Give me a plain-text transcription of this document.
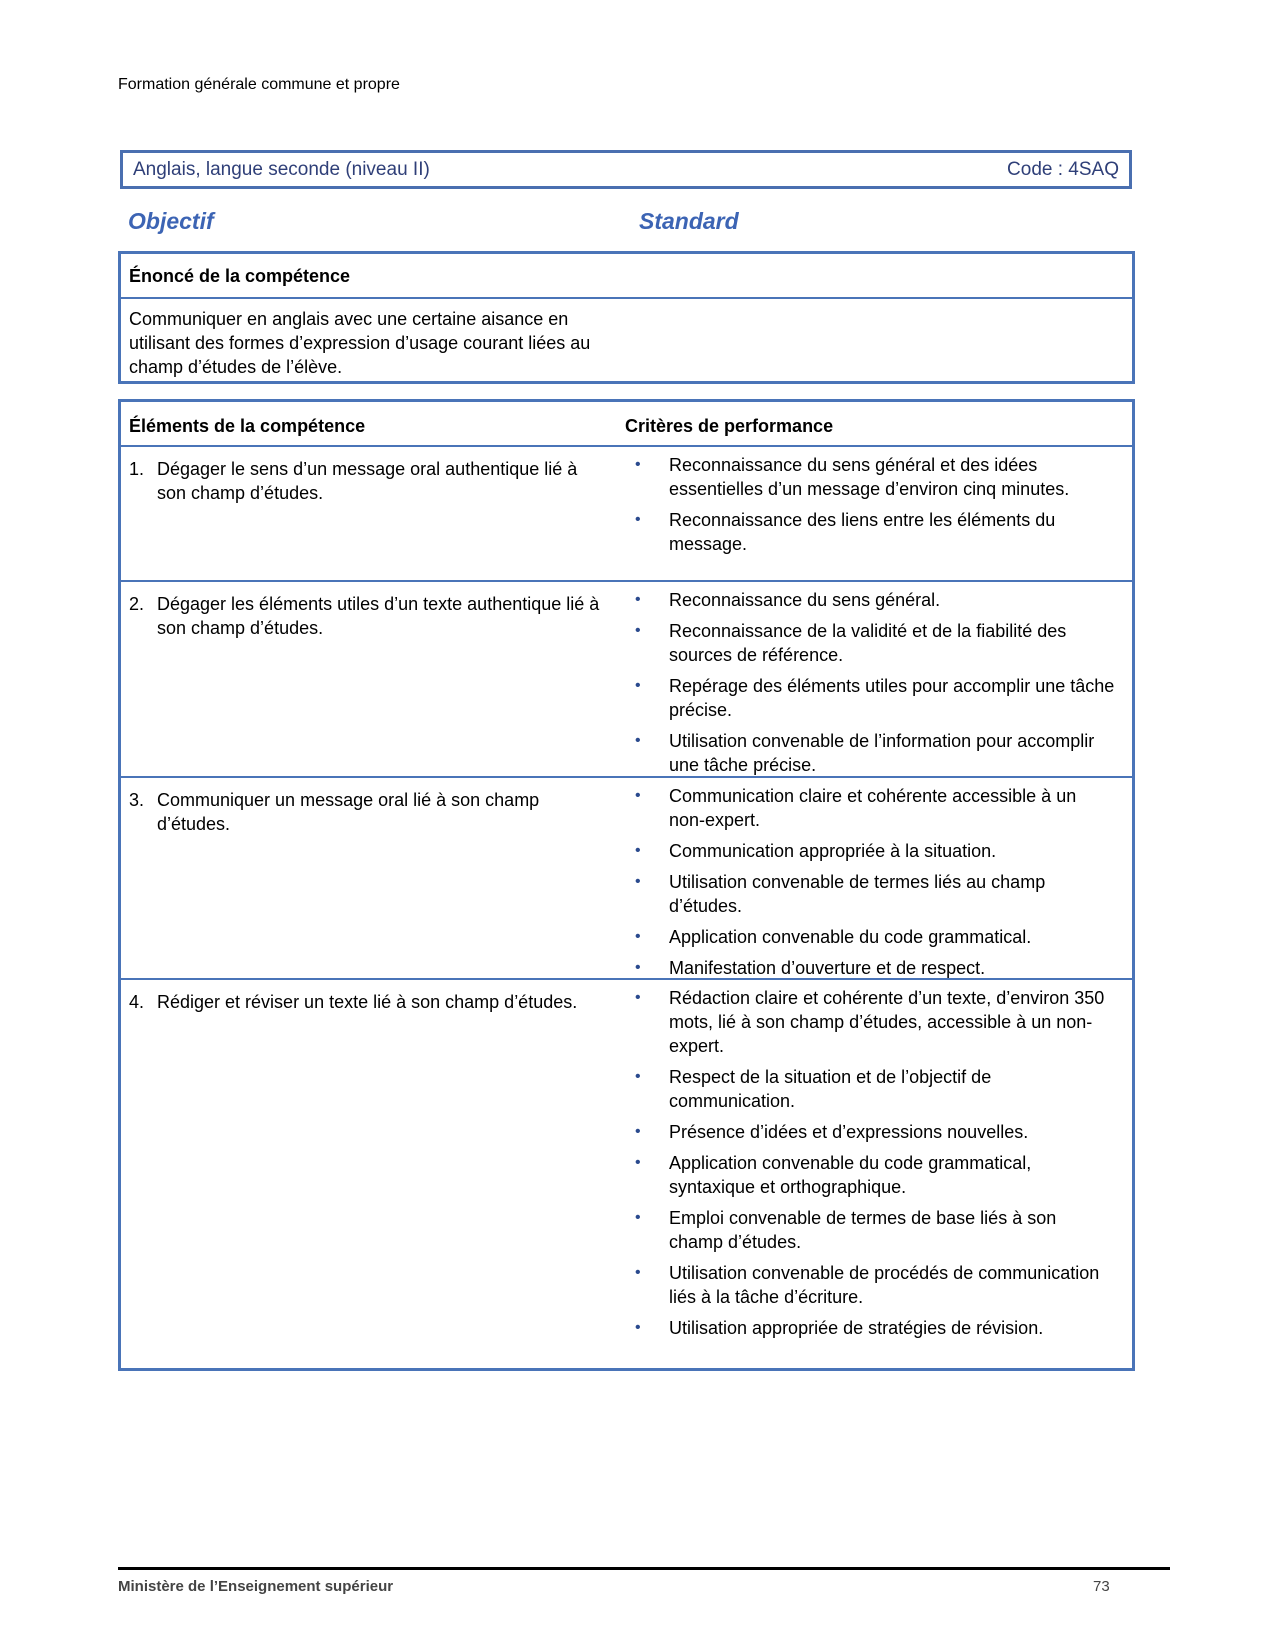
Formation générale commune et propre
Anglais, langue seconde (niveau II)	Code : 4SAQ
Objectif	Standard
Énoncé de la compétence
Communiquer en anglais avec une certaine aisance en utilisant des formes d’expression d’usage courant liées au champ d’études de l’élève.
Éléments de la compétence	Critères de performance
1. Dégager le sens d’un message oral authentique lié à son champ d’études.
•	Reconnaissance du sens général et des idées essentielles d’un message d’environ cinq minutes.
•	Reconnaissance des liens entre les éléments du message.
2. Dégager les éléments utiles d’un texte authentique lié à son champ d’études.
•	Reconnaissance du sens général.
•	Reconnaissance de la validité et de la fiabilité des sources de référence.
•	Repérage des éléments utiles pour accomplir une tâche précise.
•	Utilisation convenable de l’information pour accomplir une tâche précise.
3. Communiquer un message oral lié à son champ d’études.
•	Communication claire et cohérente accessible à un non-expert.
•	Communication appropriée à la situation.
•	Utilisation convenable de termes liés au champ d’études.
•	Application convenable du code grammatical.
•	Manifestation d’ouverture et de respect.
4. Rédiger et réviser un texte lié à son champ d’études.	•	Rédaction claire et cohérente d’un texte, d’environ 350 mots, lié à son champ d’études, accessible à un non-expert.
•	Respect de la situation et de l’objectif de communication.
•	Présence d’idées et d’expressions nouvelles.
•	Application convenable du code grammatical, syntaxique et orthographique.
•	Emploi convenable de termes de base liés à son champ d’études.
•	Utilisation convenable de procédés de communication liés à la tâche d’écriture.
•	Utilisation appropriée de stratégies de révision.
Ministère de l’Enseignement supérieur	73
